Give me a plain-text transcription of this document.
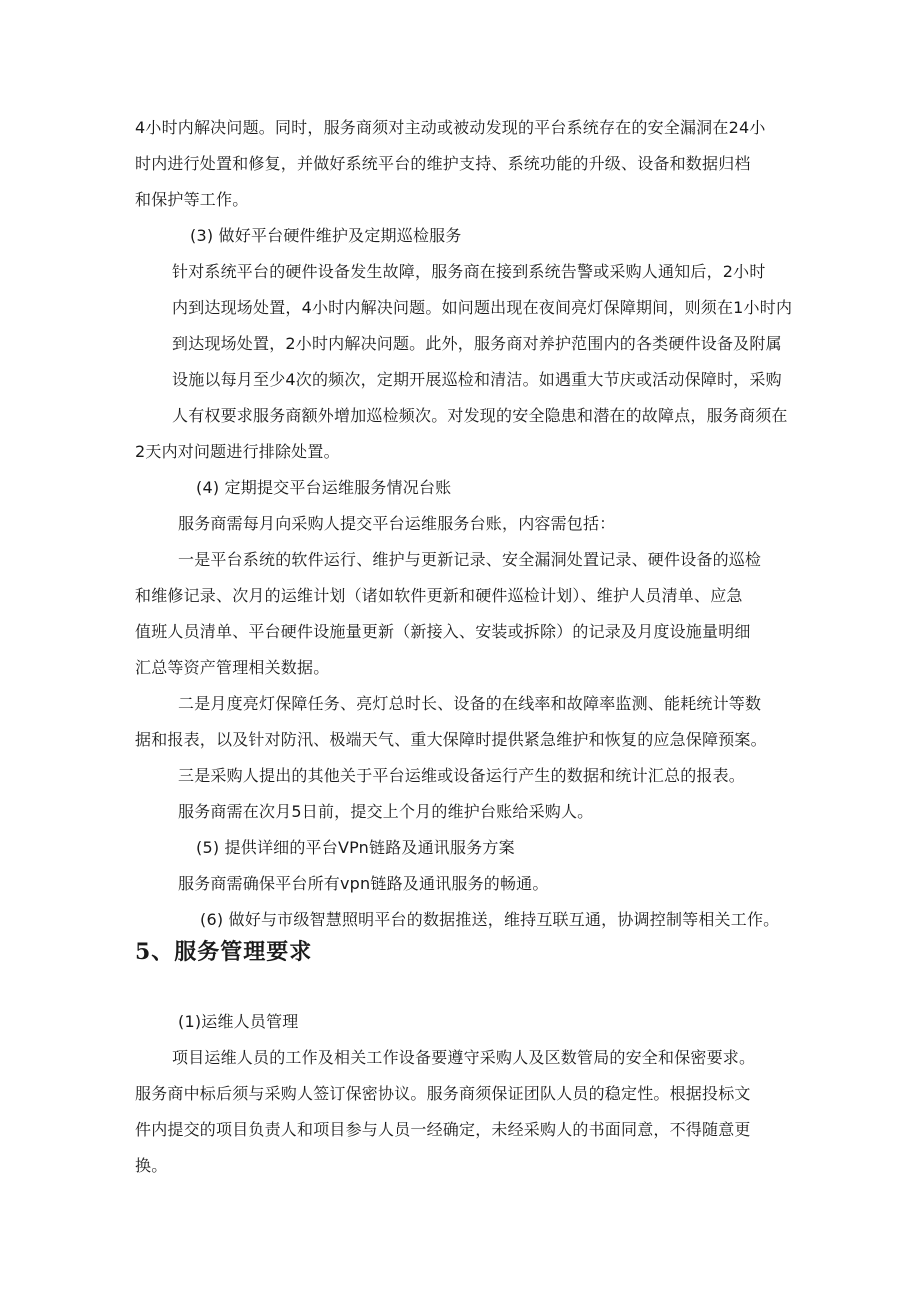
4小时内解决问题。同时，服务商须对主动或被动发现的平台系统存在的安全漏洞在24小
时内进行处置和修复，并做好系统平台的维护支持、系统功能的升级、设备和数据归档
和保护等工作。
(3) 做好平台硬件维护及定期巡检服务
针对系统平台的硬件设备发生故障，服务商在接到系统告警或采购人通知后，2小时
内到达现场处置，4小时内解决问题。如问题出现在夜间亮灯保障期间，则须在1小时内
到达现场处置，2小时内解决问题。此外，服务商对养护范围内的各类硬件设备及附属
设施以每月至少4次的频次，定期开展巡检和清洁。如遇重大节庆或活动保障时，采购
人有权要求服务商额外增加巡检频次。对发现的安全隐患和潜在的故障点，服务商须在
2天内对问题进行排除处置。
(4) 定期提交平台运维服务情况台账
服务商需每月向采购人提交平台运维服务台账，内容需包括：
一是平台系统的软件运行、维护与更新记录、安全漏洞处置记录、硬件设备的巡检
和维修记录、次月的运维计划（诸如软件更新和硬件巡检计划）、维护人员清单、应急
值班人员清单、平台硬件设施量更新（新接入、安装或拆除）的记录及月度设施量明细
汇总等资产管理相关数据。
二是月度亮灯保障任务、亮灯总时长、设备的在线率和故障率监测、能耗统计等数
据和报表，以及针对防汛、极端天气、重大保障时提供紧急维护和恢复的应急保障预案。
三是采购人提出的其他关于平台运维或设备运行产生的数据和统计汇总的报表。
服务商需在次月5日前，提交上个月的维护台账给采购人。
(5) 提供详细的平台VPn链路及通讯服务方案
服务商需确保平台所有vpn链路及通讯服务的畅通。
(6) 做好与市级智慧照明平台的数据推送，维持互联互通，协调控制等相关工作。
5、服务管理要求
(1)运维人员管理
项目运维人员的工作及相关工作设备要遵守采购人及区数管局的安全和保密要求。
服务商中标后须与采购人签订保密协议。服务商须保证团队人员的稳定性。根据投标文
件内提交的项目负责人和项目参与人员一经确定，未经采购人的书面同意，不得随意更
换。
